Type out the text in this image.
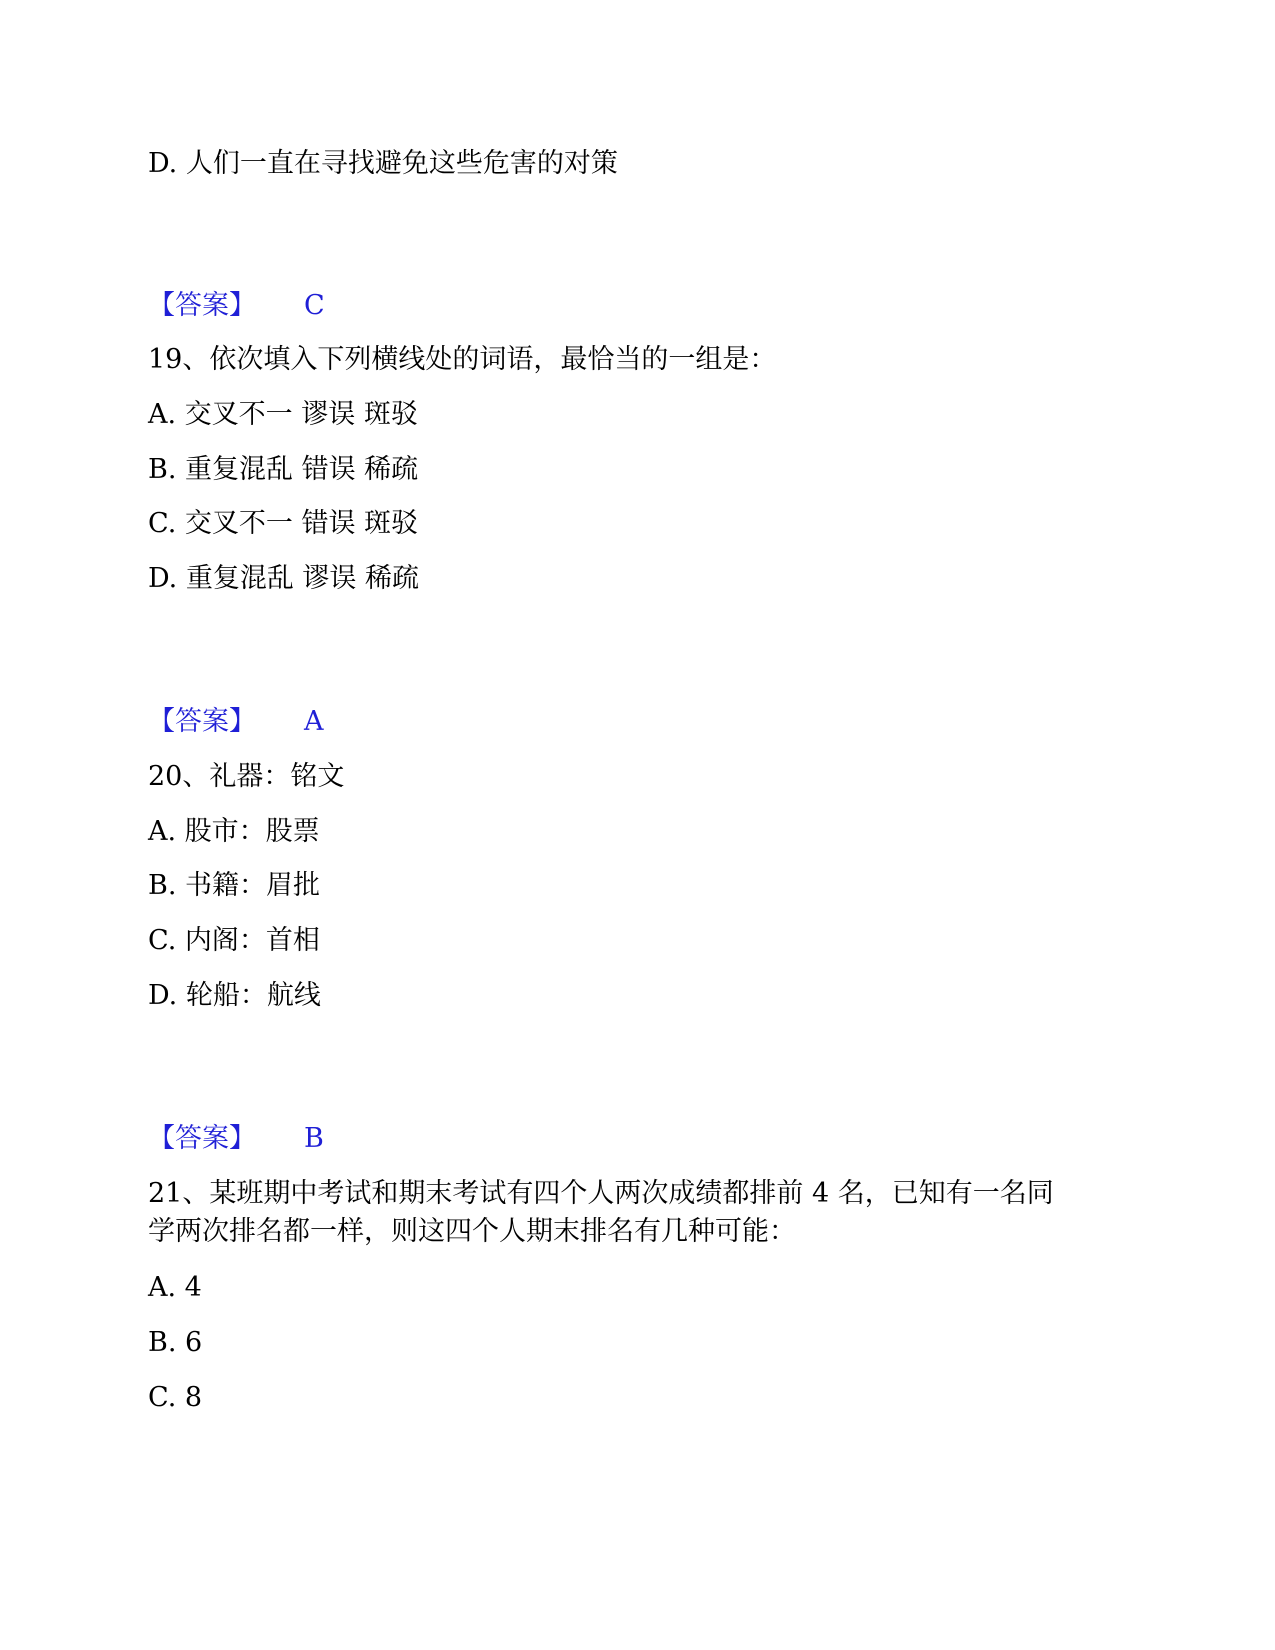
D. 人们一直在寻找避免这些危害的对策

【答案】 C

19、依次填入下列横线处的词语，最恰当的一组是：

A. 交叉不一 谬误 斑驳

B. 重复混乱 错误 稀疏

C. 交叉不一 错误 斑驳

D. 重复混乱 谬误 稀疏

【答案】 A

20、礼器：铭文

A. 股市：股票

B. 书籍：眉批

C. 内阁：首相

D. 轮船：航线

【答案】 B

21、某班期中考试和期末考试有四个人两次成绩都排前 4 名，已知有一名同

学两次排名都一样，则这四个人期末排名有几种可能：

A. 4

B. 6

C. 8
